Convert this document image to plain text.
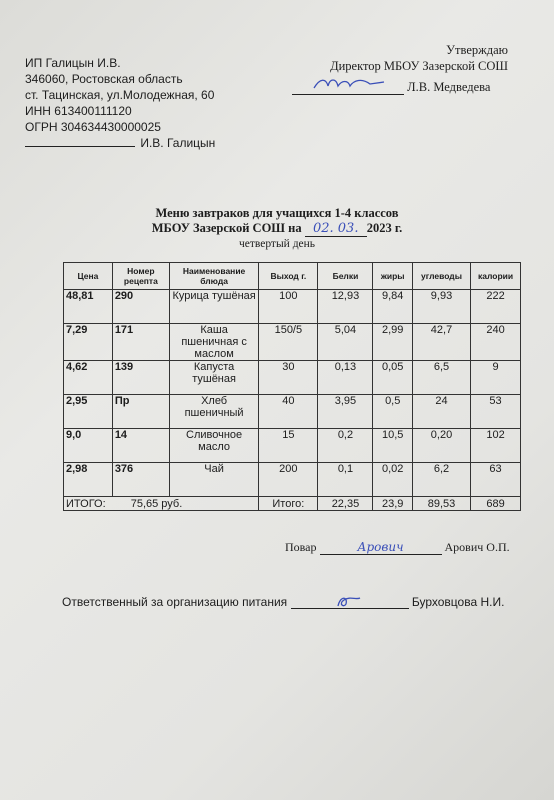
ИП Галицын И.В.
346060, Ростовская область
ст. Тацинская, ул.Молодежная, 60
ИНН 613400111120
ОГРН 304634430000025
И.В. Галицын
Утверждаю
Директор МБОУ Зазерской СОШ
Л.В. Медведева
Меню завтраков для учащихся 1-4 классов
МБОУ Зазерской СОШ на 02. 03. 2023 г.
четвертый день
Цена	Номер рецепта	Наименование блюда	Выход г.	Белки	жиры	углеводы	калории
48,81	290	Курица тушёная	100	12,93	9,84	9,93	222
7,29	171	Каша пшеничная с маслом	150/5	5,04	2,99	42,7	240
4,62	139	Капуста тушёная	30	0,13	0,05	6,5	9
2,95	Пр	Хлеб пшеничный	40	3,95	0,5	24	53
9,0	14	Сливочное масло	15	0,2	10,5	0,20	102
2,98	376	Чай	200	0,1	0,02	6,2	63
ИТОГО: 75,65 руб.			Итого:	22,35	23,9	89,53	689
Повар	Арович	Арович О.П.
Ответственный за организацию питания	Бурховцова Н.И.
